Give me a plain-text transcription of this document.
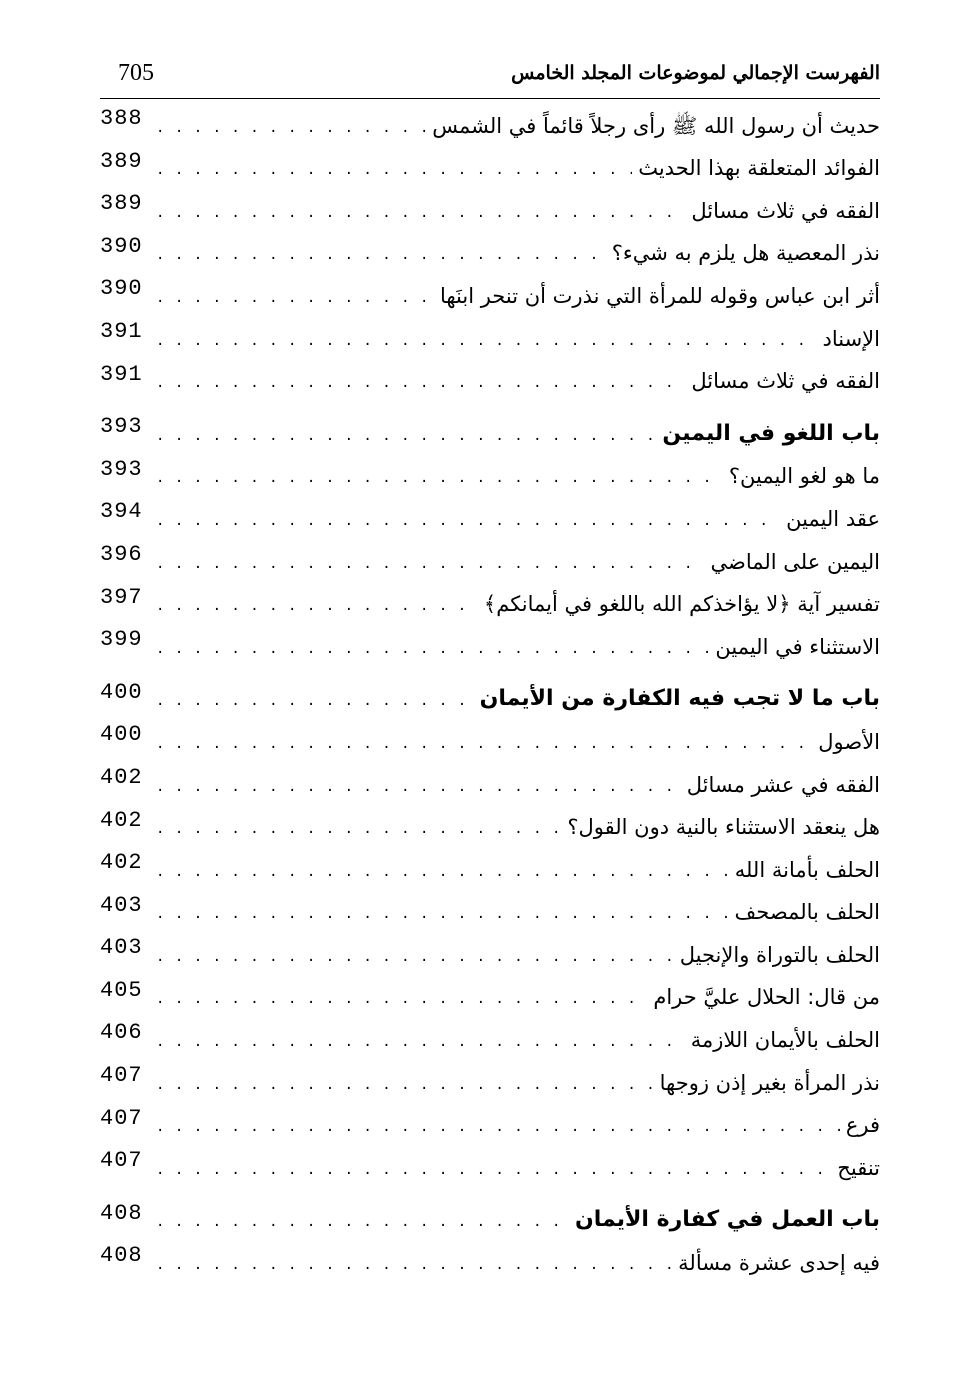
705	الفهرست الإجمالي لموضوعات المجلد الخامس
حديث أن رسول الله ﷺ رأى رجلاً قائماً في الشمس
. . .
388
الفوائد المتعلقة بهذا الحديث
. . .
389
الفقه في ثلاث مسائل
. . .
389
نذر المعصية هل يلزم به شيء؟
. . .
390
أثر ابن عباس وقوله للمرأة التي نذرت أن تنحر ابنَها
. . .
390
الإسناد
. . .
391
الفقه في ثلاث مسائل
. . .
391
باب اللغو في اليمين
. . .
393
ما هو لغو اليمين؟
. . .
393
عقد اليمين
. . .
394
اليمين على الماضي
. . .
396
تفسير آية ﴿لا يؤاخذكم الله باللغو في أيمانكم﴾
. . .
397
الاستثناء في اليمين
. . .
399
باب ما لا تجب فيه الكفارة من الأيمان
. . .
400
الأصول
. . .
400
الفقه في عشر مسائل
. . .
402
هل ينعقد الاستثناء بالنية دون القول؟
. . .
402
الحلف بأمانة الله
. . .
402
الحلف بالمصحف
. . .
403
الحلف بالتوراة والإنجيل
. . .
403
من قال: الحلال عليَّ حرام
. . .
405
الحلف بالأيمان اللازمة
. . .
406
نذر المرأة بغير إذن زوجها
. . .
407
فرع
. . .
407
تنقيح
. . .
407
باب العمل في كفارة الأيمان
. . .
408
فيه إحدى عشرة مسألة
. . .
408
